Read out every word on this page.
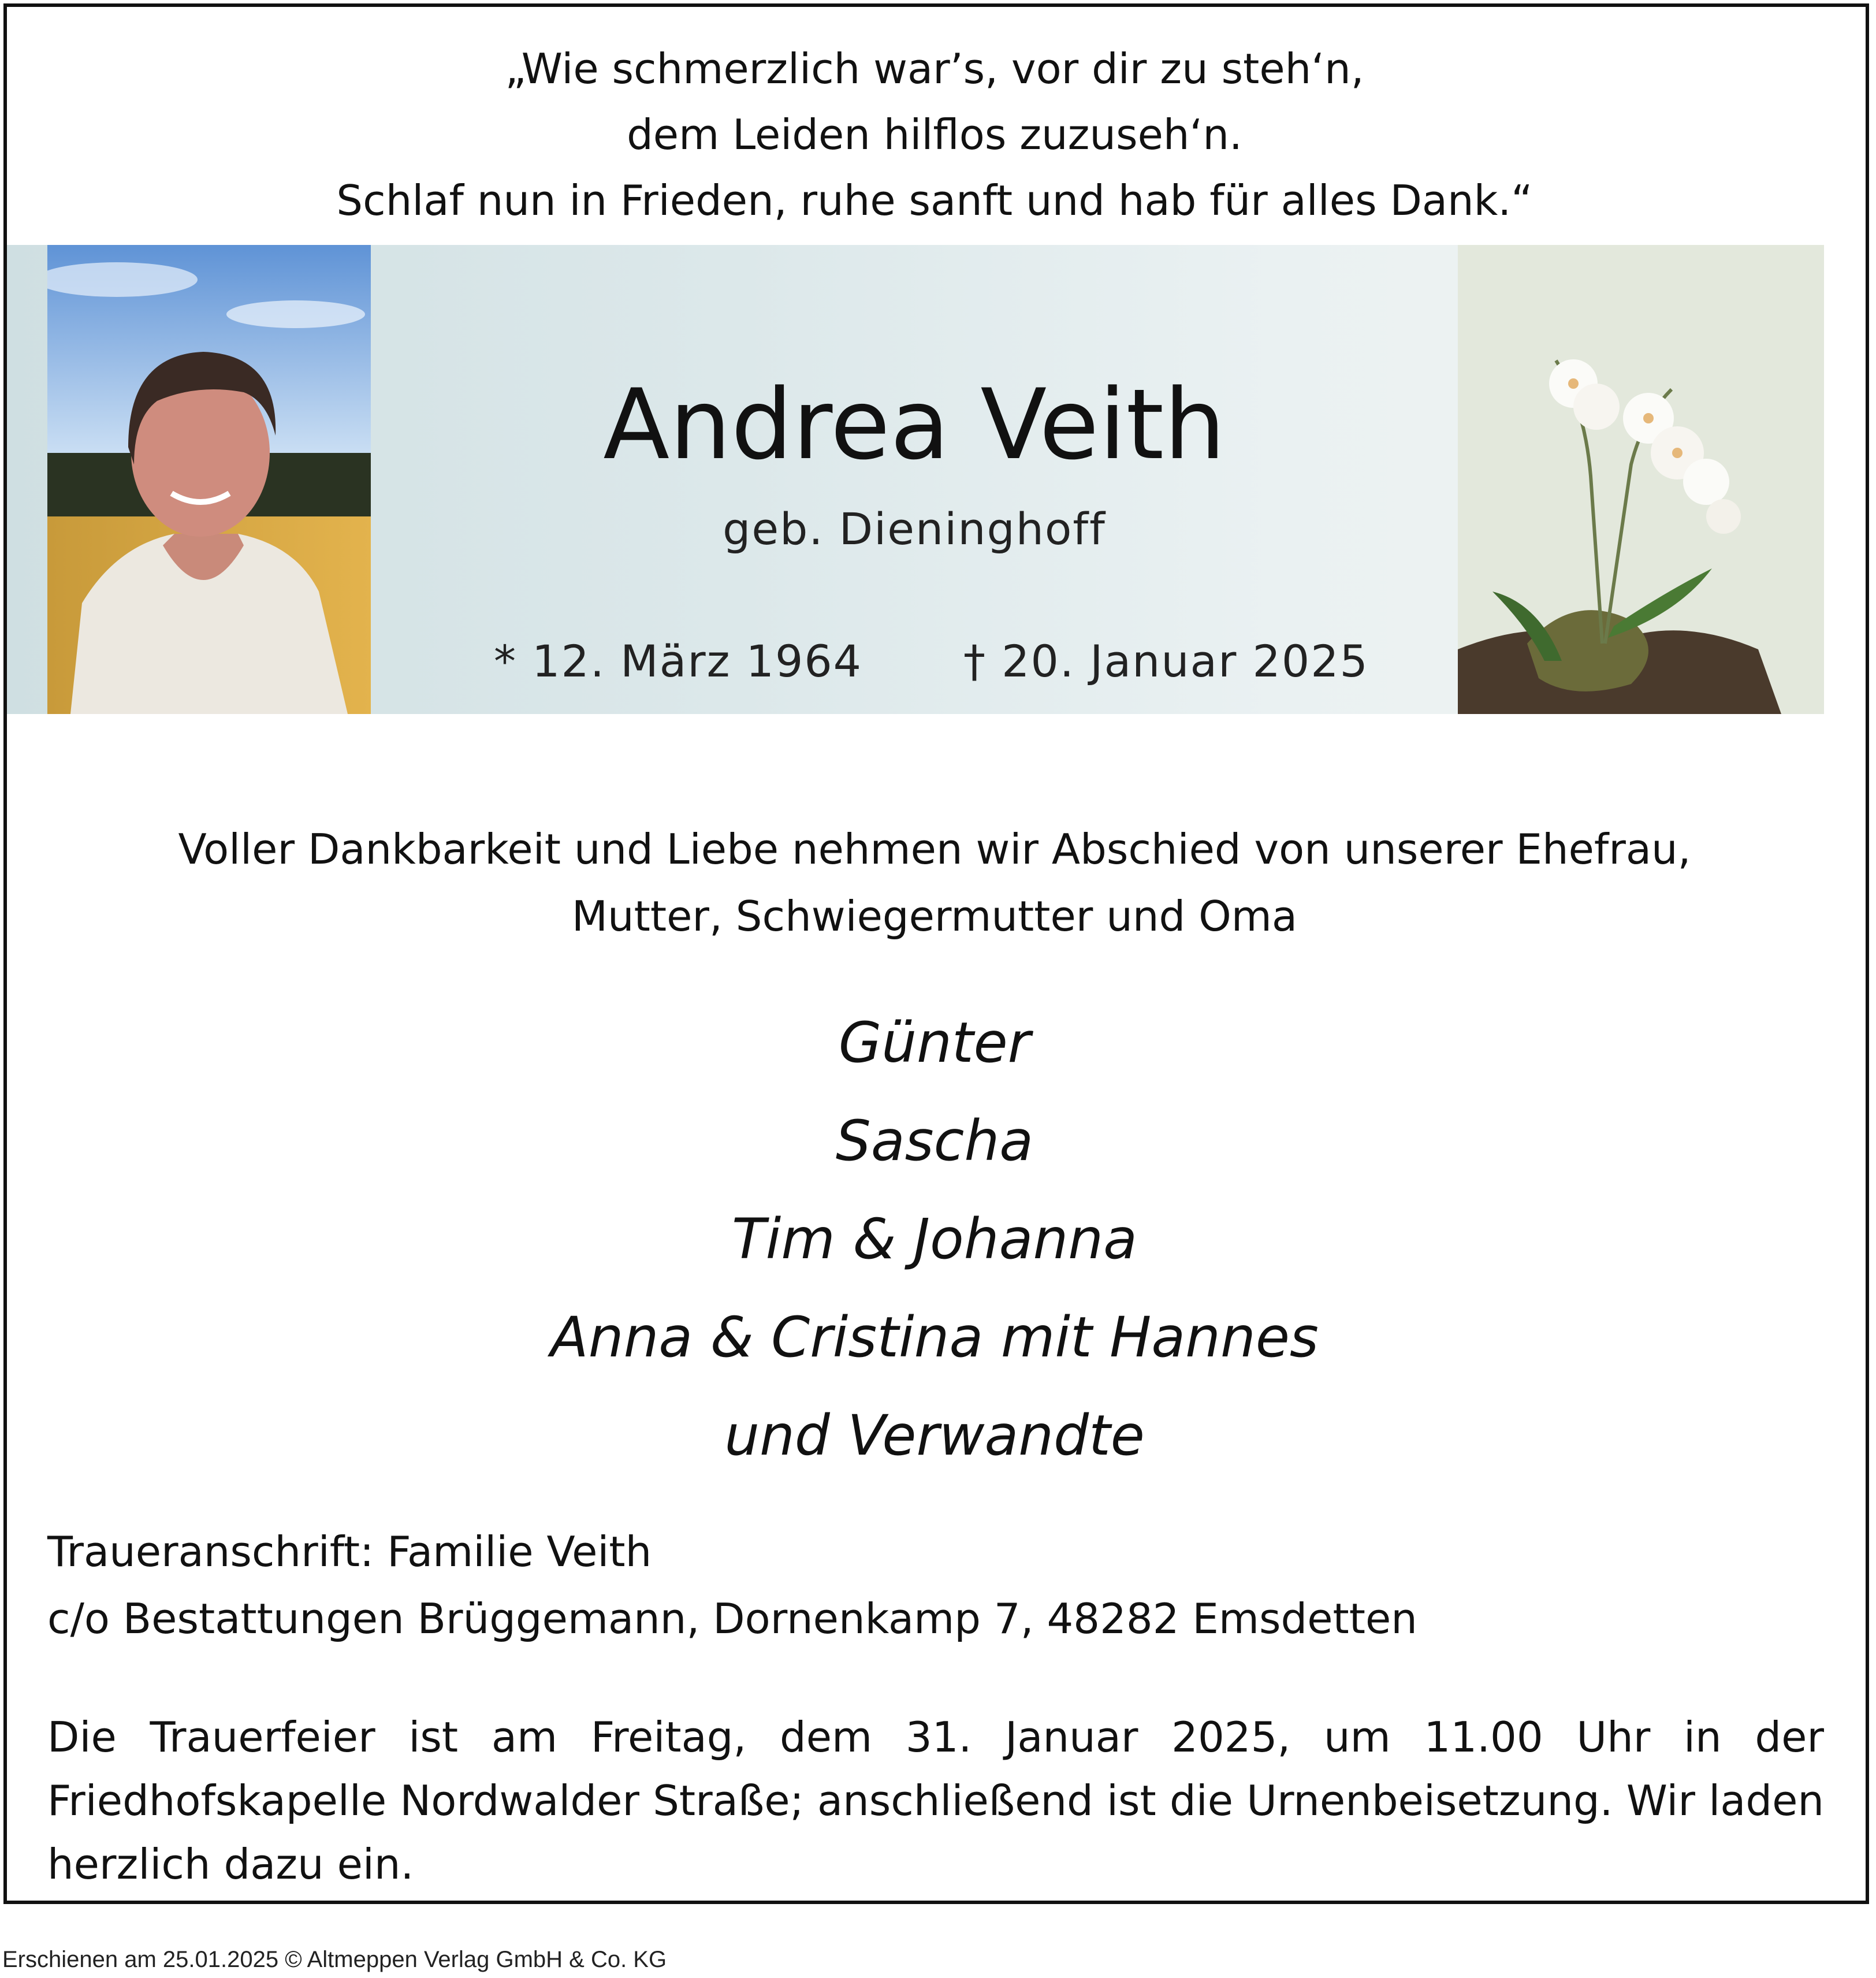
„Wie schmerzlich war’s, vor dir zu steh‘n,
dem Leiden hilflos zuzuseh‘n.
Schlaf nun in Frieden, ruhe sanft und hab für alles Dank.“
Andrea Veith
geb. Dieninghoff
* 12. März 1964 † 20. Januar 2025
Voller Dankbarkeit und Liebe nehmen wir Abschied von unserer Ehefrau,
Mutter, Schwiegermutter und Oma
Günter
Sascha
Tim & Johanna
Anna & Cristina mit Hannes
und Verwandte
Traueranschrift: Familie Veith
c/o Bestattungen Brüggemann, Dornenkamp 7, 48282 Emsdetten
Die Trauerfeier ist am Freitag, dem 31. Januar 2025, um 11.00 Uhr in der Friedhofskapelle Nordwalder Straße; anschließend ist die Urnenbeisetzung. Wir laden herzlich dazu ein.
Erschienen am 25.01.2025 © Altmeppen Verlag GmbH & Co. KG
